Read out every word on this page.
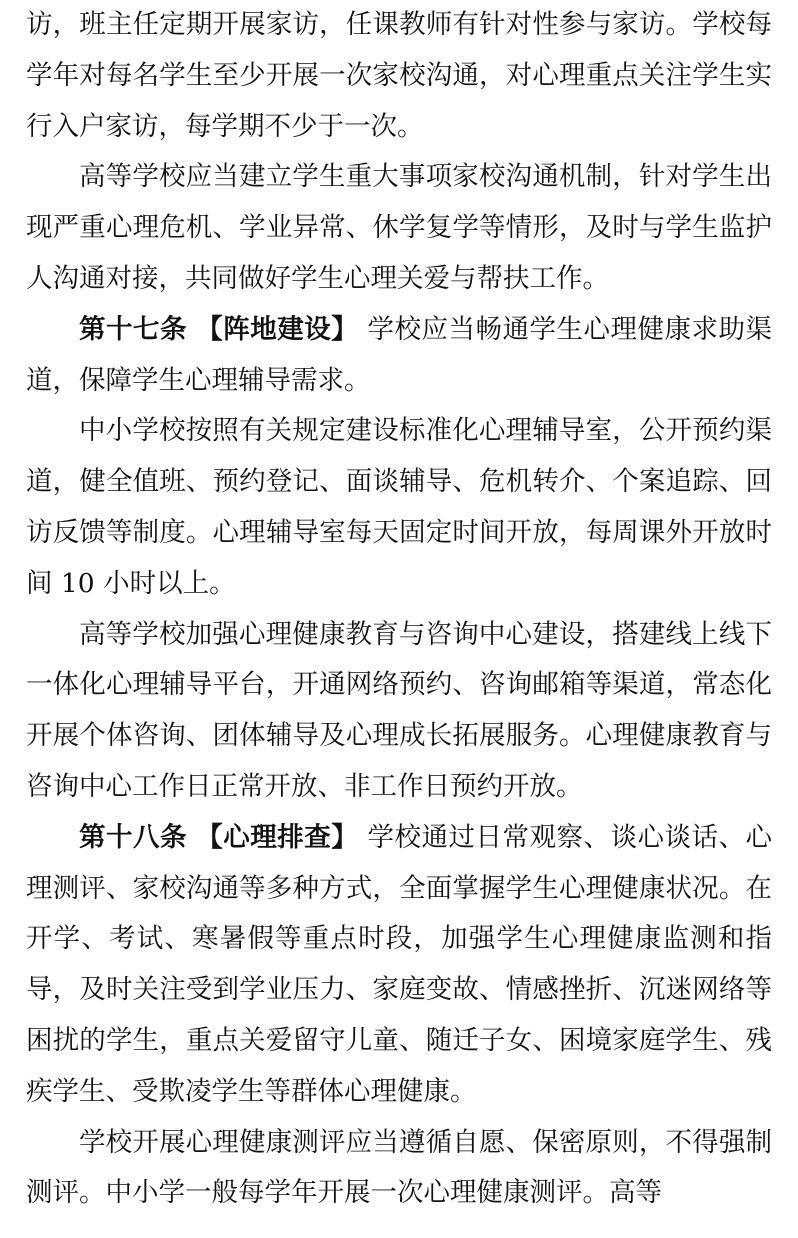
访，班主任定期开展家访，任课教师有针对性参与家访。学校每学年对每名学生至少开展一次家校沟通，对心理重点关注学生实行入户家访，每学期不少于一次。

高等学校应当建立学生重大事项家校沟通机制，针对学生出现严重心理危机、学业异常、休学复学等情形，及时与学生监护人沟通对接，共同做好学生心理关爱与帮扶工作。

第十七条 【阵地建设】 学校应当畅通学生心理健康求助渠道，保障学生心理辅导需求。

中小学校按照有关规定建设标准化心理辅导室，公开预约渠道，健全值班、预约登记、面谈辅导、危机转介、个案追踪、回访反馈等制度。心理辅导室每天固定时间开放，每周课外开放时间 10 小时以上。

高等学校加强心理健康教育与咨询中心建设，搭建线上线下一体化心理辅导平台，开通网络预约、咨询邮箱等渠道，常态化开展个体咨询、团体辅导及心理成长拓展服务。心理健康教育与咨询中心工作日正常开放、非工作日预约开放。

第十八条 【心理排查】 学校通过日常观察、谈心谈话、心理测评、家校沟通等多种方式，全面掌握学生心理健康状况。在开学、考试、寒暑假等重点时段，加强学生心理健康监测和指导，及时关注受到学业压力、家庭变故、情感挫折、沉迷网络等困扰的学生，重点关爱留守儿童、随迁子女、困境家庭学生、残疾学生、受欺凌学生等群体心理健康。

学校开展心理健康测评应当遵循自愿、保密原则，不得强制测评。中小学一般每学年开展一次心理健康测评。高等
